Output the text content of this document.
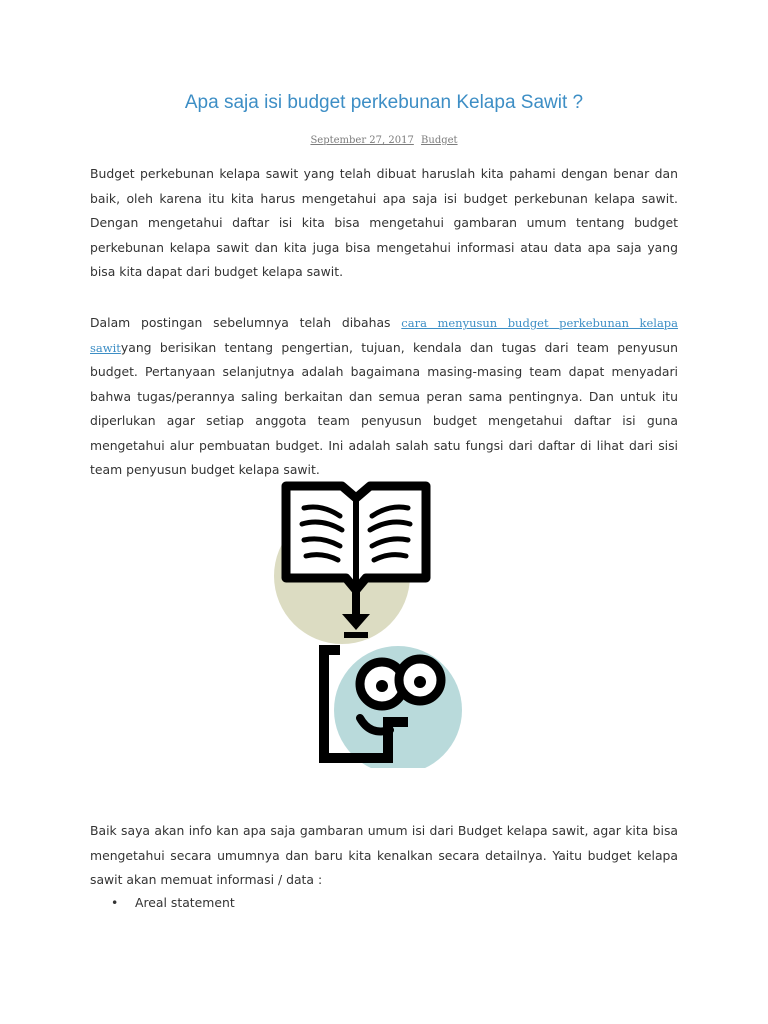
Apa saja isi budget perkebunan Kelapa Sawit ?
September 27, 2017 Budget

Budget perkebunan kelapa sawit yang telah dibuat haruslah kita pahami dengan benar dan baik, oleh karena itu kita harus mengetahui apa saja isi budget perkebunan kelapa sawit. Dengan mengetahui daftar isi kita bisa mengetahui gambaran umum tentang budget perkebunan kelapa sawit dan kita juga bisa mengetahui informasi atau data apa saja yang bisa kita dapat dari budget kelapa sawit.

Dalam postingan sebelumnya telah dibahas cara menyusun budget perkebunan kelapa sawityang berisikan tentang pengertian, tujuan, kendala dan tugas dari team penyusun budget. Pertanyaan selanjutnya adalah bagaimana masing-masing team dapat menyadari bahwa tugas/perannya saling berkaitan dan semua peran sama pentingnya. Dan untuk itu diperlukan agar setiap anggota team penyusun budget mengetahui daftar isi guna mengetahui alur pembuatan budget. Ini adalah salah satu fungsi dari daftar di lihat dari sisi team penyusun budget kelapa sawit.

Baik saya akan info kan apa saja gambaran umum isi dari Budget kelapa sawit, agar kita bisa mengetahui secara umumnya dan baru kita kenalkan secara detailnya. Yaitu budget kelapa sawit akan memuat informasi / data :

• Areal statement
